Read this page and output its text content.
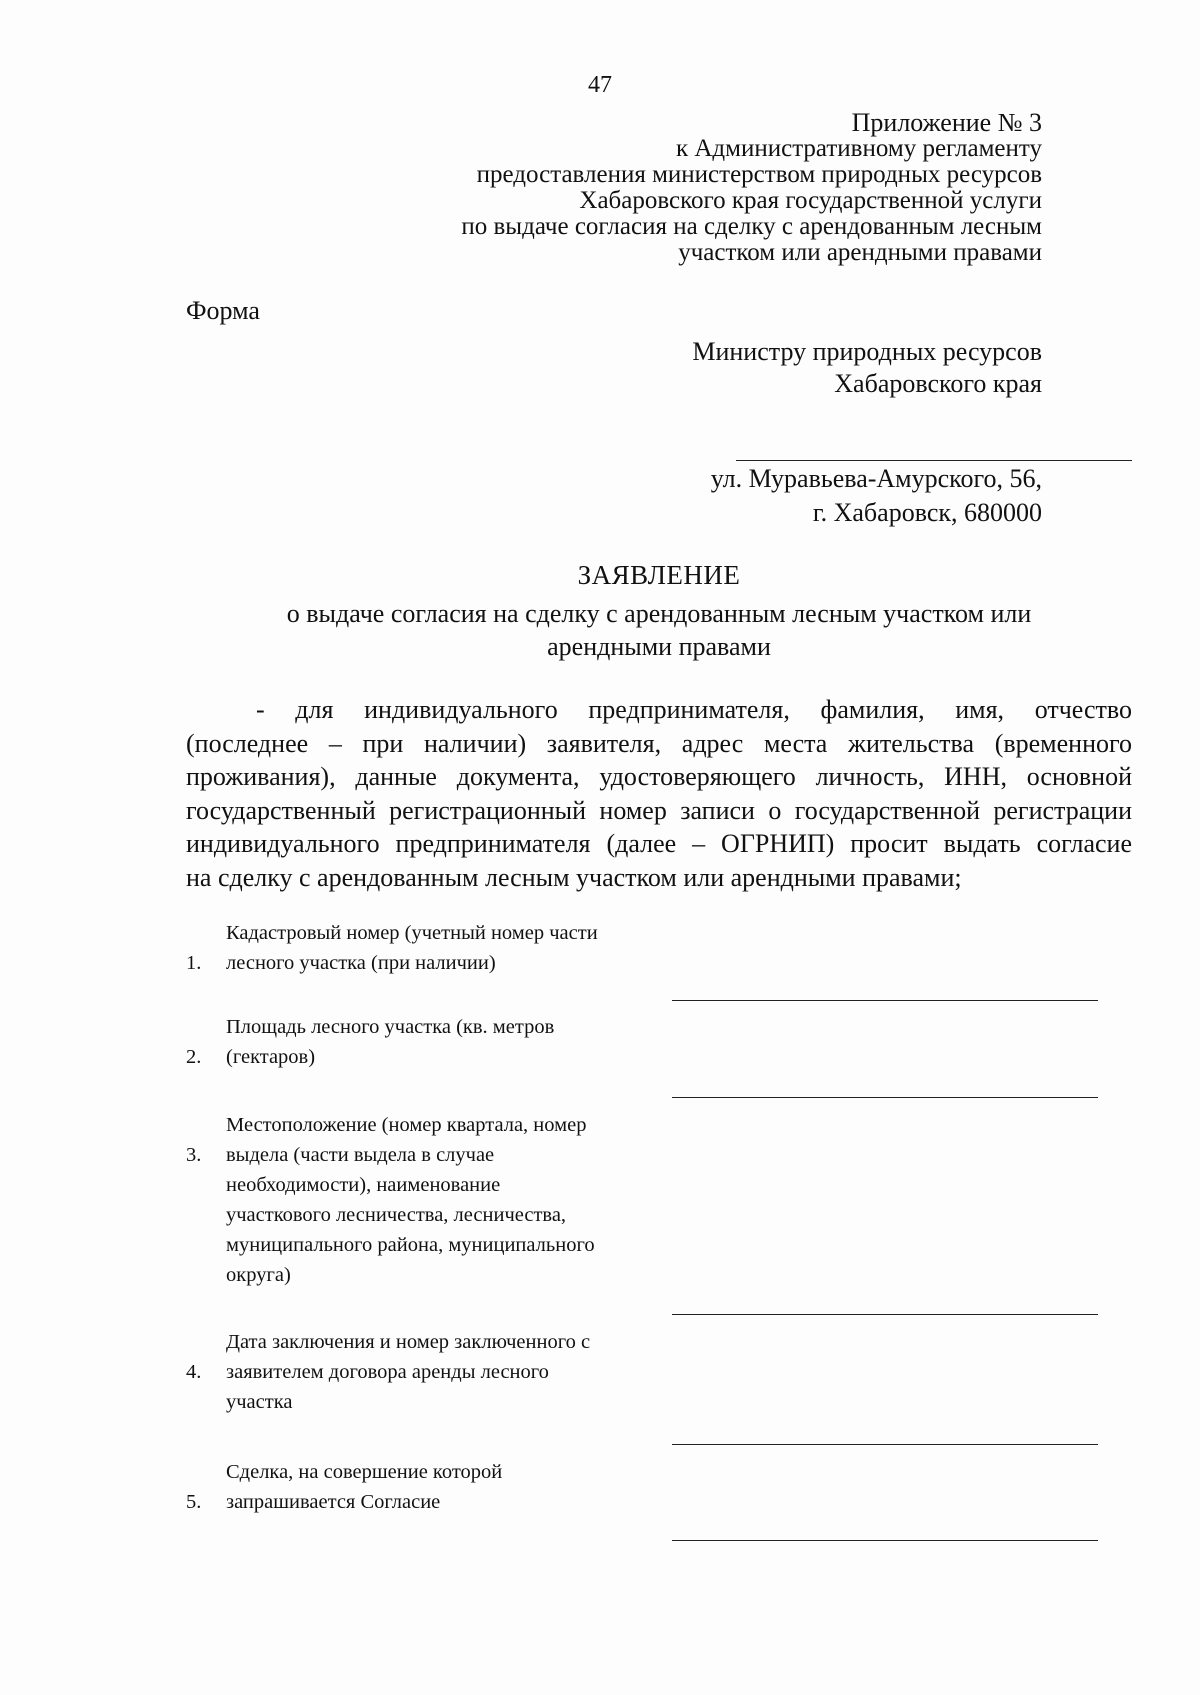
47
Приложение № 3
к Административному регламенту
предоставления министерством природных ресурсов
Хабаровского края государственной услуги
по выдаче согласия на сделку с арендованным лесным
участком или арендными правами
Форма
Министру природных ресурсов
Хабаровского края
ул. Муравьева-Амурского, 56,
г. Хабаровск, 680000
ЗАЯВЛЕНИЕ
о выдаче согласия на сделку с арендованным лесным участком или
арендными правами
- для индивидуального предпринимателя, фамилия, имя, отчество
(последнее – при наличии) заявителя, адрес места жительства (временного
проживания), данные документа, удостоверяющего личность, ИНН, основной
государственный регистрационный номер записи о государственной регистрации
индивидуального предпринимателя (далее – ОГРНИП) просит выдать согласие
на сделку с арендованным лесным участком или арендными правами;
1.
Кадастровый номер (учетный номер части
лесного участка (при наличии)
2.
Площадь лесного участка (кв. метров
(гектаров)
3.
Местоположение (номер квартала, номер
выдела (части выдела в случае
необходимости), наименование
участкового лесничества, лесничества,
муниципального района, муниципального
округа)
4.
Дата заключения и номер заключенного с
заявителем договора аренды лесного
участка
5.
Сделка, на совершение которой
запрашивается Согласие
